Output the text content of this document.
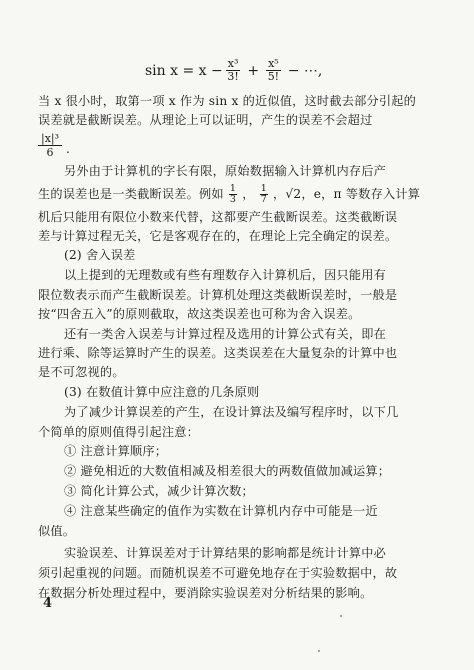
$\sin x = x - \frac{\text{x³}}{3!} + \frac{\text{x⁵}}{5!}$ − ⋯,
当 x 很小时，取第一项 x 作为 sin x 的近似值，这时截去部分引起的
误差就是截断误差。从理论上可以证明，产生的误差不会超过
$\frac{\text{|x|³}}{6}$ .
另外由于计算机的字长有限，原始数据输入计算机内存后产
生的误差也是一类截断误差。例如 $\frac{1}{3}$ ， $\frac{1}{7}$ ，√2，e，π 等数存入计算
机后只能用有限位小数来代替，这都要产生截断误差。这类截断误
差与计算过程无关，它是客观存在的，在理论上完全确定的误差。
(2) 舍入误差
以上提到的无理数或有些有理数存入计算机后，因只能用有
限位数表示而产生截断误差。计算机处理这类截断误差时，一般是
按“四舍五入”的原则截取，故这类误差也可称为舍入误差。
还有一类舍入误差与计算过程及选用的计算公式有关，即在
进行乘、除等运算时产生的误差。这类误差在大量复杂的计算中也
是不可忽视的。
(3) 在数值计算中应注意的几条原则
为了减少计算误差的产生，在设计算法及编写程序时，以下几
个简单的原则值得引起注意：
① 注意计算顺序；
② 避免相近的大数值相减及相差很大的两数值做加减运算；
③ 简化计算公式，减少计算次数；
④ 注意某些确定的值作为实数在计算机内存中可能是一近
似值。
实验误差、计算误差对于计算结果的影响都是统计计算中必
须引起重视的问题。而随机误差不可避免地存在于实验数据中，故
在数据分析处理过程中，要消除实验误差对分析结果的影响。
4
